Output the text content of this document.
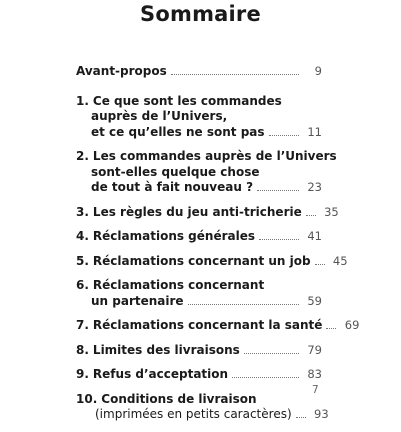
Sommaire
Avant-propos	9
1. Ce que sont les commandes
auprès de l’Univers,
et ce qu’elles ne sont pas	11
2. Les commandes auprès de l’Univers
sont-elles quelque chose
de tout à fait nouveau ?	23
3. Les règles du jeu anti-tricherie	35
4. Réclamations générales	41
5. Réclamations concernant un job	45
6. Réclamations concernant
un partenaire	59
7. Réclamations concernant la santé	69
8. Limites des livraisons	79
9. Refus d’acceptation	83
10. Conditions de livraison
(imprimées en petits caractères)	93
7
